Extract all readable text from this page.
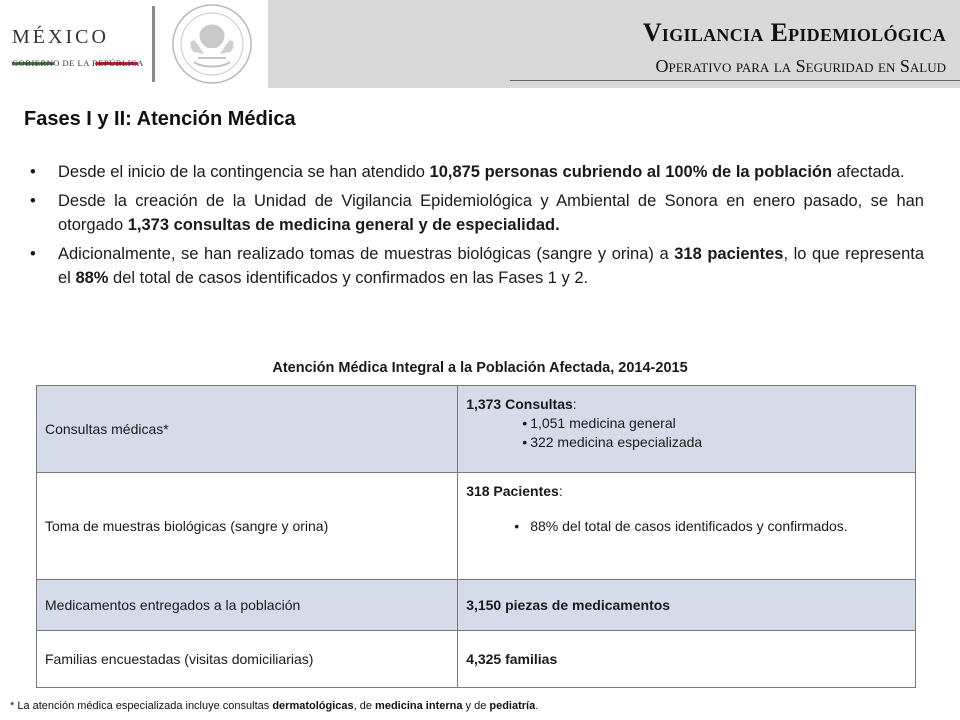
MÉXICO
GOBIERNO DE LA REPÚBLICA
Vigilancia Epidemiológica
Operativo para la Seguridad en Salud
Fases I y II: Atención Médica

• Desde el inicio de la contingencia se han atendido 10,875 personas cubriendo al 100% de la población afectada.

• Desde la creación de la Unidad de Vigilancia Epidemiológica y Ambiental de Sonora en enero pasado, se han otorgado 1,373 consultas de medicina general y de especialidad.

• Adicionalmente, se han realizado tomas de muestras biológicas (sangre y orina) a 318 pacientes, lo que representa el 88% del total de casos identificados y confirmados en las Fases 1 y 2.

Atención Médica Integral a la Población Afectada, 2014-2015
Consultas médicas*	1,373 Consultas:
• 1,051 medicina general
• 322 medicina especializada

Toma de muestras biológicas (sangre y orina)	318 Pacientes:
• 88% del total de casos identificados y confirmados.

Medicamentos entregados a la población	3,150 piezas de medicamentos
Familias encuestadas (visitas domiciliarias)	4,325 familias
* La atención médica especializada incluye consultas dermatológicas, de medicina interna y de pediatría.
